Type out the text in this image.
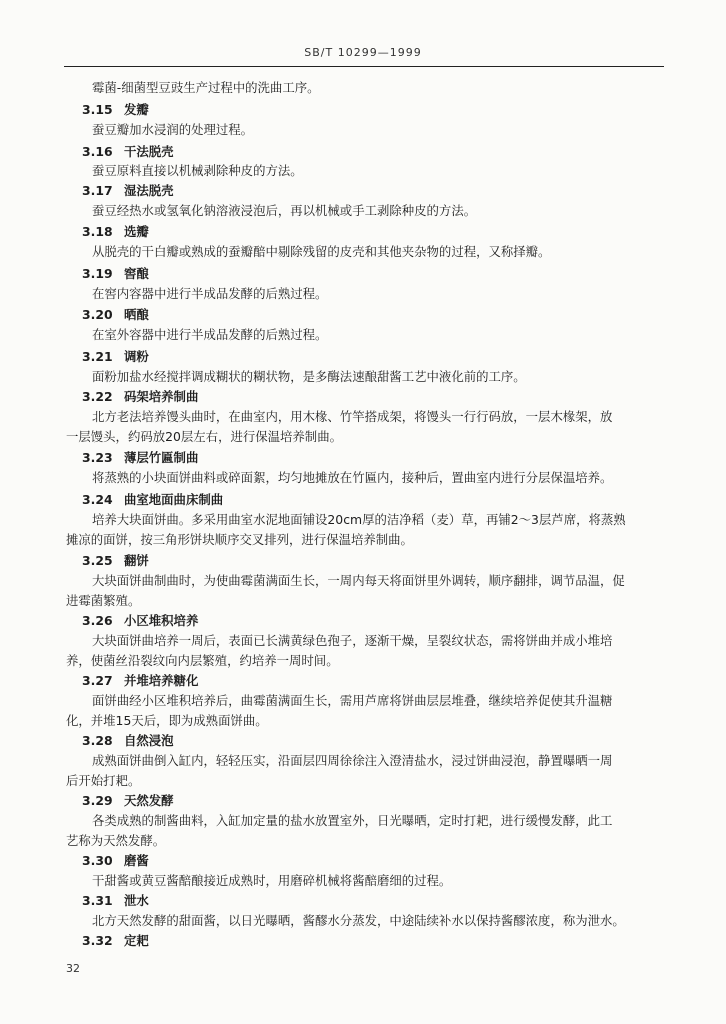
SB/T 10299—1999
霉菌-细菌型豆豉生产过程中的洗曲工序。
3.15 发瓣
蚕豆瓣加水浸润的处理过程。
3.16 干法脱壳
蚕豆原料直接以机械剥除种皮的方法。
3.17 湿法脱壳
蚕豆经热水或氢氧化钠溶液浸泡后，再以机械或手工剥除种皮的方法。
3.18 选瓣
从脱壳的干白瓣或熟成的蚕瓣醅中剔除残留的皮壳和其他夹杂物的过程，又称择瓣。
3.19 窖酿
在窖内容器中进行半成品发酵的后熟过程。
3.20 晒酿
在室外容器中进行半成品发酵的后熟过程。
3.21 调粉
面粉加盐水经搅拌调成糊状的糊状物，是多酶法速酿甜酱工艺中液化前的工序。
3.22 码架培养制曲
北方老法培养馒头曲时，在曲室内，用木椽、竹竿搭成架，将馒头一行行码放，一层木椽架，放
一层馒头，约码放20层左右，进行保温培养制曲。
3.23 薄层竹匾制曲
将蒸熟的小块面饼曲料或碎面絮，均匀地摊放在竹匾内，接种后，置曲室内进行分层保温培养。
3.24 曲室地面曲床制曲
培养大块面饼曲。多采用曲室水泥地面铺设20cm厚的洁净稻（麦）草，再铺2～3层芦席，将蒸熟
摊凉的面饼，按三角形饼块顺序交叉排列，进行保温培养制曲。
3.25 翻饼
大块面饼曲制曲时，为使曲霉菌满面生长，一周内每天将面饼里外调转，顺序翻排，调节品温，促
进霉菌繁殖。
3.26 小区堆积培养
大块面饼曲培养一周后，表面已长满黄绿色孢子，逐渐干燥，呈裂纹状态，需将饼曲并成小堆培
养，使菌丝沿裂纹向内层繁殖，约培养一周时间。
3.27 并堆培养糖化
面饼曲经小区堆积培养后，曲霉菌满面生长，需用芦席将饼曲层层堆叠，继续培养促使其升温糖
化，并堆15天后，即为成熟面饼曲。
3.28 自然浸泡
成熟面饼曲倒入缸内，轻轻压实，沿面层四周徐徐注入澄清盐水，浸过饼曲浸泡，静置曝晒一周
后开始打耙。
3.29 天然发酵
各类成熟的制酱曲料，入缸加定量的盐水放置室外，日光曝晒，定时打耙，进行缓慢发酵，此工
艺称为天然发酵。
3.30 磨酱
干甜酱或黄豆酱醅酿接近成熟时，用磨碎机械将酱醅磨细的过程。
3.31 泄水
北方天然发酵的甜面酱，以日光曝晒，酱醪水分蒸发，中途陆续补水以保持酱醪浓度，称为泄水。
3.32 定耙
32
